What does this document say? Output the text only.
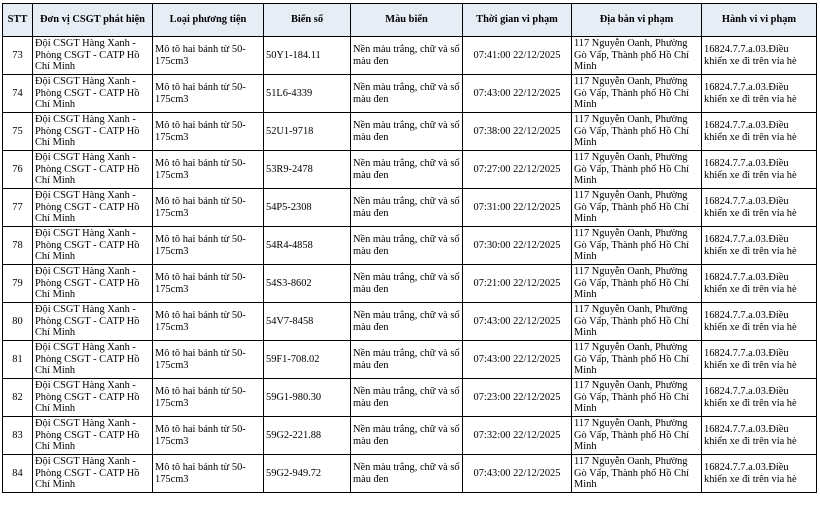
STT	Đơn vị CSGT phát hiện	Loại phương tiện	Biển số	Màu biển	Thời gian vi phạm	Địa bàn vi phạm	Hành vi vi phạm
73	Đội CSGT Hàng Xanh - Phòng CSGT - CATP Hồ Chí Minh	Mô tô hai bánh từ 50-175cm3	50Y1-184.11	Nền màu trắng, chữ và số màu đen	07:41:00 22/12/2025	117 Nguyễn Oanh, Phường Gò Vấp, Thành phố Hồ Chí Minh	16824.7.7.a.03.Điều khiển xe đi trên vỉa hè
74	Đội CSGT Hàng Xanh - Phòng CSGT - CATP Hồ Chí Minh	Mô tô hai bánh từ 50-175cm3	51L6-4339	Nền màu trắng, chữ và số màu đen	07:43:00 22/12/2025	117 Nguyễn Oanh, Phường Gò Vấp, Thành phố Hồ Chí Minh	16824.7.7.a.03.Điều khiển xe đi trên vỉa hè
75	Đội CSGT Hàng Xanh - Phòng CSGT - CATP Hồ Chí Minh	Mô tô hai bánh từ 50-175cm3	52U1-9718	Nền màu trắng, chữ và số màu đen	07:38:00 22/12/2025	117 Nguyễn Oanh, Phường Gò Vấp, Thành phố Hồ Chí Minh	16824.7.7.a.03.Điều khiển xe đi trên vỉa hè
76	Đội CSGT Hàng Xanh - Phòng CSGT - CATP Hồ Chí Minh	Mô tô hai bánh từ 50-175cm3	53R9-2478	Nền màu trắng, chữ và số màu đen	07:27:00 22/12/2025	117 Nguyễn Oanh, Phường Gò Vấp, Thành phố Hồ Chí Minh	16824.7.7.a.03.Điều khiển xe đi trên vỉa hè
77	Đội CSGT Hàng Xanh - Phòng CSGT - CATP Hồ Chí Minh	Mô tô hai bánh từ 50-175cm3	54P5-2308	Nền màu trắng, chữ và số màu đen	07:31:00 22/12/2025	117 Nguyễn Oanh, Phường Gò Vấp, Thành phố Hồ Chí Minh	16824.7.7.a.03.Điều khiển xe đi trên vỉa hè
78	Đội CSGT Hàng Xanh - Phòng CSGT - CATP Hồ Chí Minh	Mô tô hai bánh từ 50-175cm3	54R4-4858	Nền màu trắng, chữ và số màu đen	07:30:00 22/12/2025	117 Nguyễn Oanh, Phường Gò Vấp, Thành phố Hồ Chí Minh	16824.7.7.a.03.Điều khiển xe đi trên vỉa hè
79	Đội CSGT Hàng Xanh - Phòng CSGT - CATP Hồ Chí Minh	Mô tô hai bánh từ 50-175cm3	54S3-8602	Nền màu trắng, chữ và số màu đen	07:21:00 22/12/2025	117 Nguyễn Oanh, Phường Gò Vấp, Thành phố Hồ Chí Minh	16824.7.7.a.03.Điều khiển xe đi trên vỉa hè
80	Đội CSGT Hàng Xanh - Phòng CSGT - CATP Hồ Chí Minh	Mô tô hai bánh từ 50-175cm3	54V7-8458	Nền màu trắng, chữ và số màu đen	07:43:00 22/12/2025	117 Nguyễn Oanh, Phường Gò Vấp, Thành phố Hồ Chí Minh	16824.7.7.a.03.Điều khiển xe đi trên vỉa hè
81	Đội CSGT Hàng Xanh - Phòng CSGT - CATP Hồ Chí Minh	Mô tô hai bánh từ 50-175cm3	59F1-708.02	Nền màu trắng, chữ và số màu đen	07:43:00 22/12/2025	117 Nguyễn Oanh, Phường Gò Vấp, Thành phố Hồ Chí Minh	16824.7.7.a.03.Điều khiển xe đi trên vỉa hè
82	Đội CSGT Hàng Xanh - Phòng CSGT - CATP Hồ Chí Minh	Mô tô hai bánh từ 50-175cm3	59G1-980.30	Nền màu trắng, chữ và số màu đen	07:23:00 22/12/2025	117 Nguyễn Oanh, Phường Gò Vấp, Thành phố Hồ Chí Minh	16824.7.7.a.03.Điều khiển xe đi trên vỉa hè
83	Đội CSGT Hàng Xanh - Phòng CSGT - CATP Hồ Chí Minh	Mô tô hai bánh từ 50-175cm3	59G2-221.88	Nền màu trắng, chữ và số màu đen	07:32:00 22/12/2025	117 Nguyễn Oanh, Phường Gò Vấp, Thành phố Hồ Chí Minh	16824.7.7.a.03.Điều khiển xe đi trên vỉa hè
84	Đội CSGT Hàng Xanh - Phòng CSGT - CATP Hồ Chí Minh	Mô tô hai bánh từ 50-175cm3	59G2-949.72	Nền màu trắng, chữ và số màu đen	07:43:00 22/12/2025	117 Nguyễn Oanh, Phường Gò Vấp, Thành phố Hồ Chí Minh	16824.7.7.a.03.Điều khiển xe đi trên vỉa hè
